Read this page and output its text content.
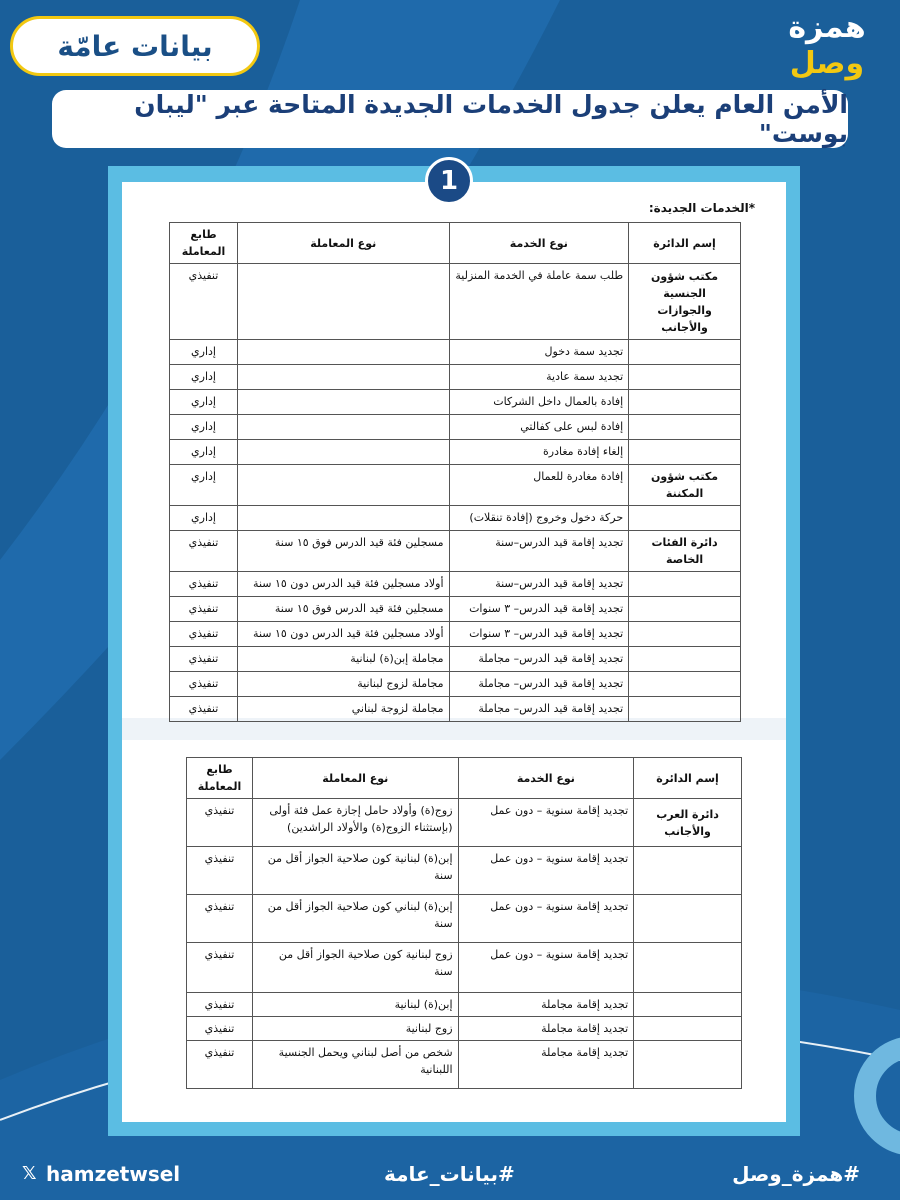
بيانات عامّة
همزة
وصل
الأمن العام يعلن جدول الخدمات الجديدة المتاحة عبر "ليبان بوست"
1
*الخدمات الجديدة:
إسم الدائرة	نوع الخدمة	نوع المعاملة	طابع المعاملة
مكتب شؤون الجنسية والجوازات والأجانب	طلب سمة عاملة في الخدمة المنزلية		تنفيذي
	تجديد سمة دخول		إداري
	تجديد سمة عادية		إداري
	إفادة بالعمال داخل الشركات		إداري
	إفادة لبس على كفالتي		إداري
	إلغاء إفادة مغادرة		إداري
مكتب شؤون المكننة	إفادة مغادرة للعمال		إداري
	حركة دخول وخروج (إفادة تنقلات)		إداري
دائرة الفئات الخاصة	تجديد إقامة قيد الدرس–سنة	مسجلين فئة قيد الدرس فوق ١٥ سنة	تنفيذي
	تجديد إقامة قيد الدرس–سنة	أولاد مسجلين فئة قيد الدرس دون ١٥ سنة	تنفيذي
	تجديد إقامة قيد الدرس– ٣ سنوات	مسجلين فئة قيد الدرس فوق ١٥ سنة	تنفيذي
	تجديد إقامة قيد الدرس– ٣ سنوات	أولاد مسجلين فئة قيد الدرس دون ١٥ سنة	تنفيذي
	تجديد إقامة قيد الدرس– مجاملة	مجاملة إبن(ة) لبنانية	تنفيذي
	تجديد إقامة قيد الدرس– مجاملة	مجاملة لزوج لبنانية	تنفيذي
	تجديد إقامة قيد الدرس– مجاملة	مجاملة لزوجة لبناني	تنفيذي
إسم الدائرة	نوع الخدمة	نوع المعاملة	طابع المعاملة
دائرة العرب والأجانب	تجديد إقامة سنوية – دون عمل	زوج(ة) وأولاد حامل إجازة عمل فئة أولى (بإستثناء الزوج(ة) والأولاد الراشدين)	تنفيذي
	تجديد إقامة سنوية – دون عمل	إبن(ة) لبنانية كون صلاحية الجواز أقل من سنة	تنفيذي
	تجديد إقامة سنوية – دون عمل	إبن(ة) لبناني كون صلاحية الجواز أقل من سنة	تنفيذي
	تجديد إقامة سنوية – دون عمل	زوج لبنانية كون صلاحية الجواز أقل من سنة	تنفيذي
	تجديد إقامة مجاملة	إبن(ة) لبنانية	تنفيذي
	تجديد إقامة مجاملة	زوج لبنانية	تنفيذي
	تجديد إقامة مجاملة	شخص من أصل لبناني ويحمل الجنسية اللبنانية	تنفيذي
𝕏 hamzetwsel	#بيانات_عامة	#همزة_وصل
